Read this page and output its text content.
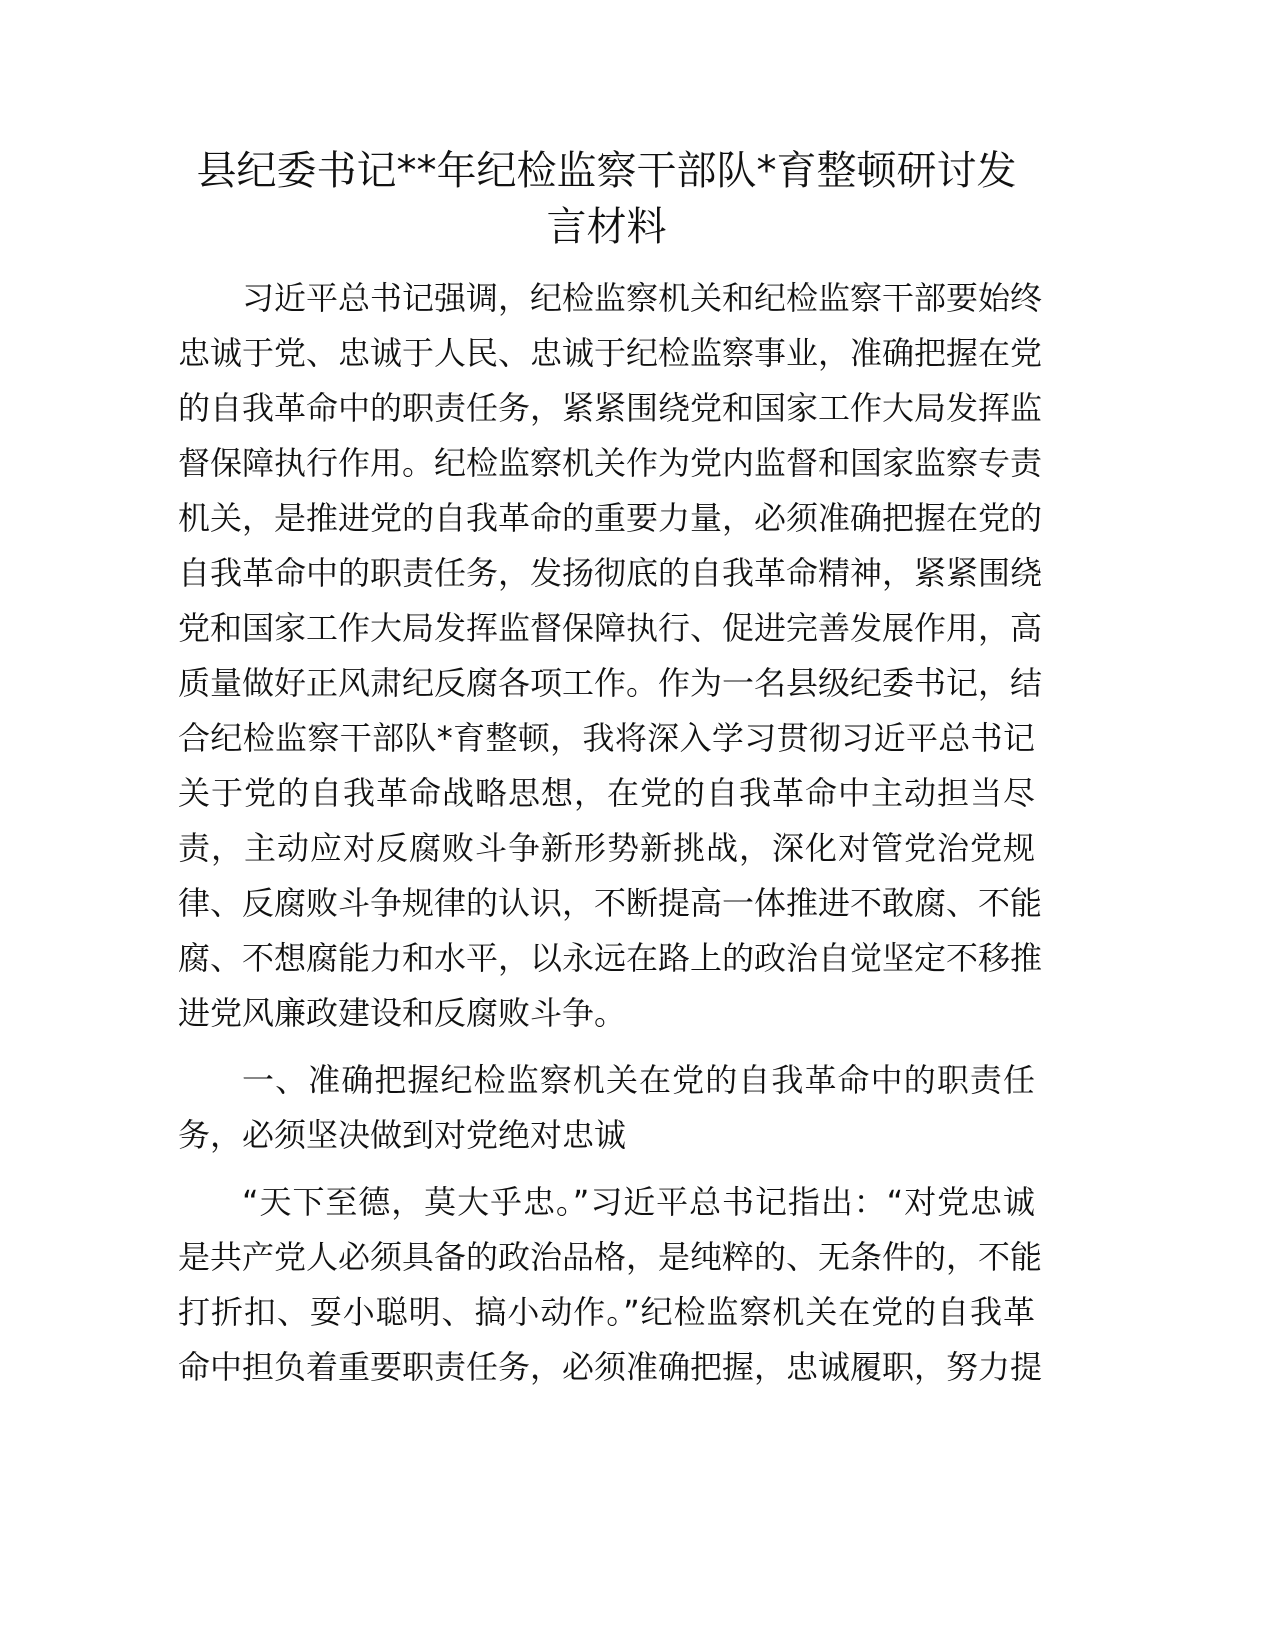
县纪委书记**年纪检监察干部队*育整顿研讨发
言材料
习近平总书记强调，纪检监察机关和纪检监察干部要始终
忠诚于党、忠诚于人民、忠诚于纪检监察事业，准确把握在党
的自我革命中的职责任务，紧紧围绕党和国家工作大局发挥监
督保障执行作用。纪检监察机关作为党内监督和国家监察专责
机关，是推进党的自我革命的重要力量，必须准确把握在党的
自我革命中的职责任务，发扬彻底的自我革命精神，紧紧围绕
党和国家工作大局发挥监督保障执行、促进完善发展作用，高
质量做好正风肃纪反腐各项工作。作为一名县级纪委书记，结
合纪检监察干部队*育整顿，我将深入学习贯彻习近平总书记
关于党的自我革命战略思想，在党的自我革命中主动担当尽
责，主动应对反腐败斗争新形势新挑战，深化对管党治党规
律、反腐败斗争规律的认识，不断提高一体推进不敢腐、不能
腐、不想腐能力和水平，以永远在路上的政治自觉坚定不移推
进党风廉政建设和反腐败斗争。
一、准确把握纪检监察机关在党的自我革命中的职责任
务，必须坚决做到对党绝对忠诚
“天下至德，莫大乎忠。”习近平总书记指出：“对党忠诚
是共产党人必须具备的政治品格，是纯粹的、无条件的，不能
打折扣、耍小聪明、搞小动作。”纪检监察机关在党的自我革
命中担负着重要职责任务，必须准确把握，忠诚履职，努力提
